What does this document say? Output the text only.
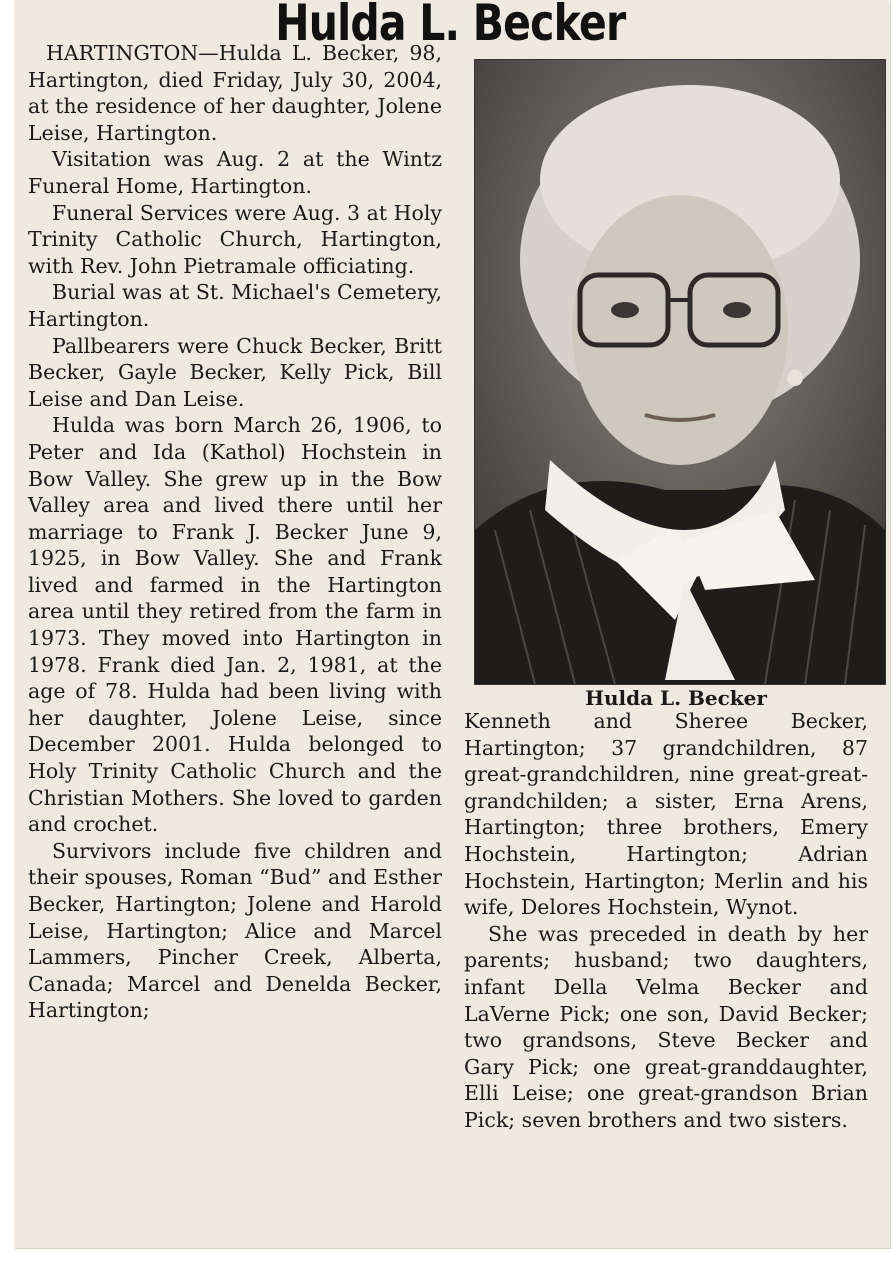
Hulda L. Becker

HARTINGTON—Hulda L. Becker, 98, Hartington, died Friday, July 30, 2004, at the residence of her daughter, Jolene Leise, Hartington.

Visitation was Aug. 2 at the Wintz Funeral Home, Hartington.

Funeral Services were Aug. 3 at Holy Trinity Catholic Church, Hartington, with Rev. John Pietramale officiating.

Burial was at St. Michael's Cemetery, Hartington.

Pallbearers were Chuck Becker, Britt Becker, Gayle Becker, Kelly Pick, Bill Leise and Dan Leise.

Hulda was born March 26, 1906, to Peter and Ida (Kathol) Hochstein in Bow Valley. She grew up in the Bow Valley area and lived there until her marriage to Frank J. Becker June 9, 1925, in Bow Valley. She and Frank lived and farmed in the Hartington area until they retired from the farm in 1973. They moved into Hartington in 1978. Frank died Jan. 2, 1981, at the age of 78. Hulda had been living with her daughter, Jolene Leise, since December 2001. Hulda belonged to Holy Trinity Catholic Church and the Christian Mothers. She loved to garden and crochet.

Survivors include five children and their spouses, Roman “Bud” and Esther Becker, Hartington; Jolene and Harold Leise, Hartington; Alice and Marcel Lammers, Pincher Creek, Alberta, Canada; Marcel and Denelda Becker, Hartington;

Hulda L. Becker

Kenneth and Sheree Becker, Hartington; 37 grandchildren, 87 great-grandchildren, nine great-great-grandchilden; a sister, Erna Arens, Hartington; three brothers, Emery Hochstein, Hartington; Adrian Hochstein, Hartington; Merlin and his wife, Delores Hochstein, Wynot.

She was preceded in death by her parents; husband; two daughters, infant Della Velma Becker and LaVerne Pick; one son, David Becker; two grandsons, Steve Becker and Gary Pick; one great-granddaughter, Elli Leise; one great-grandson Brian Pick; seven brothers and two sisters.
